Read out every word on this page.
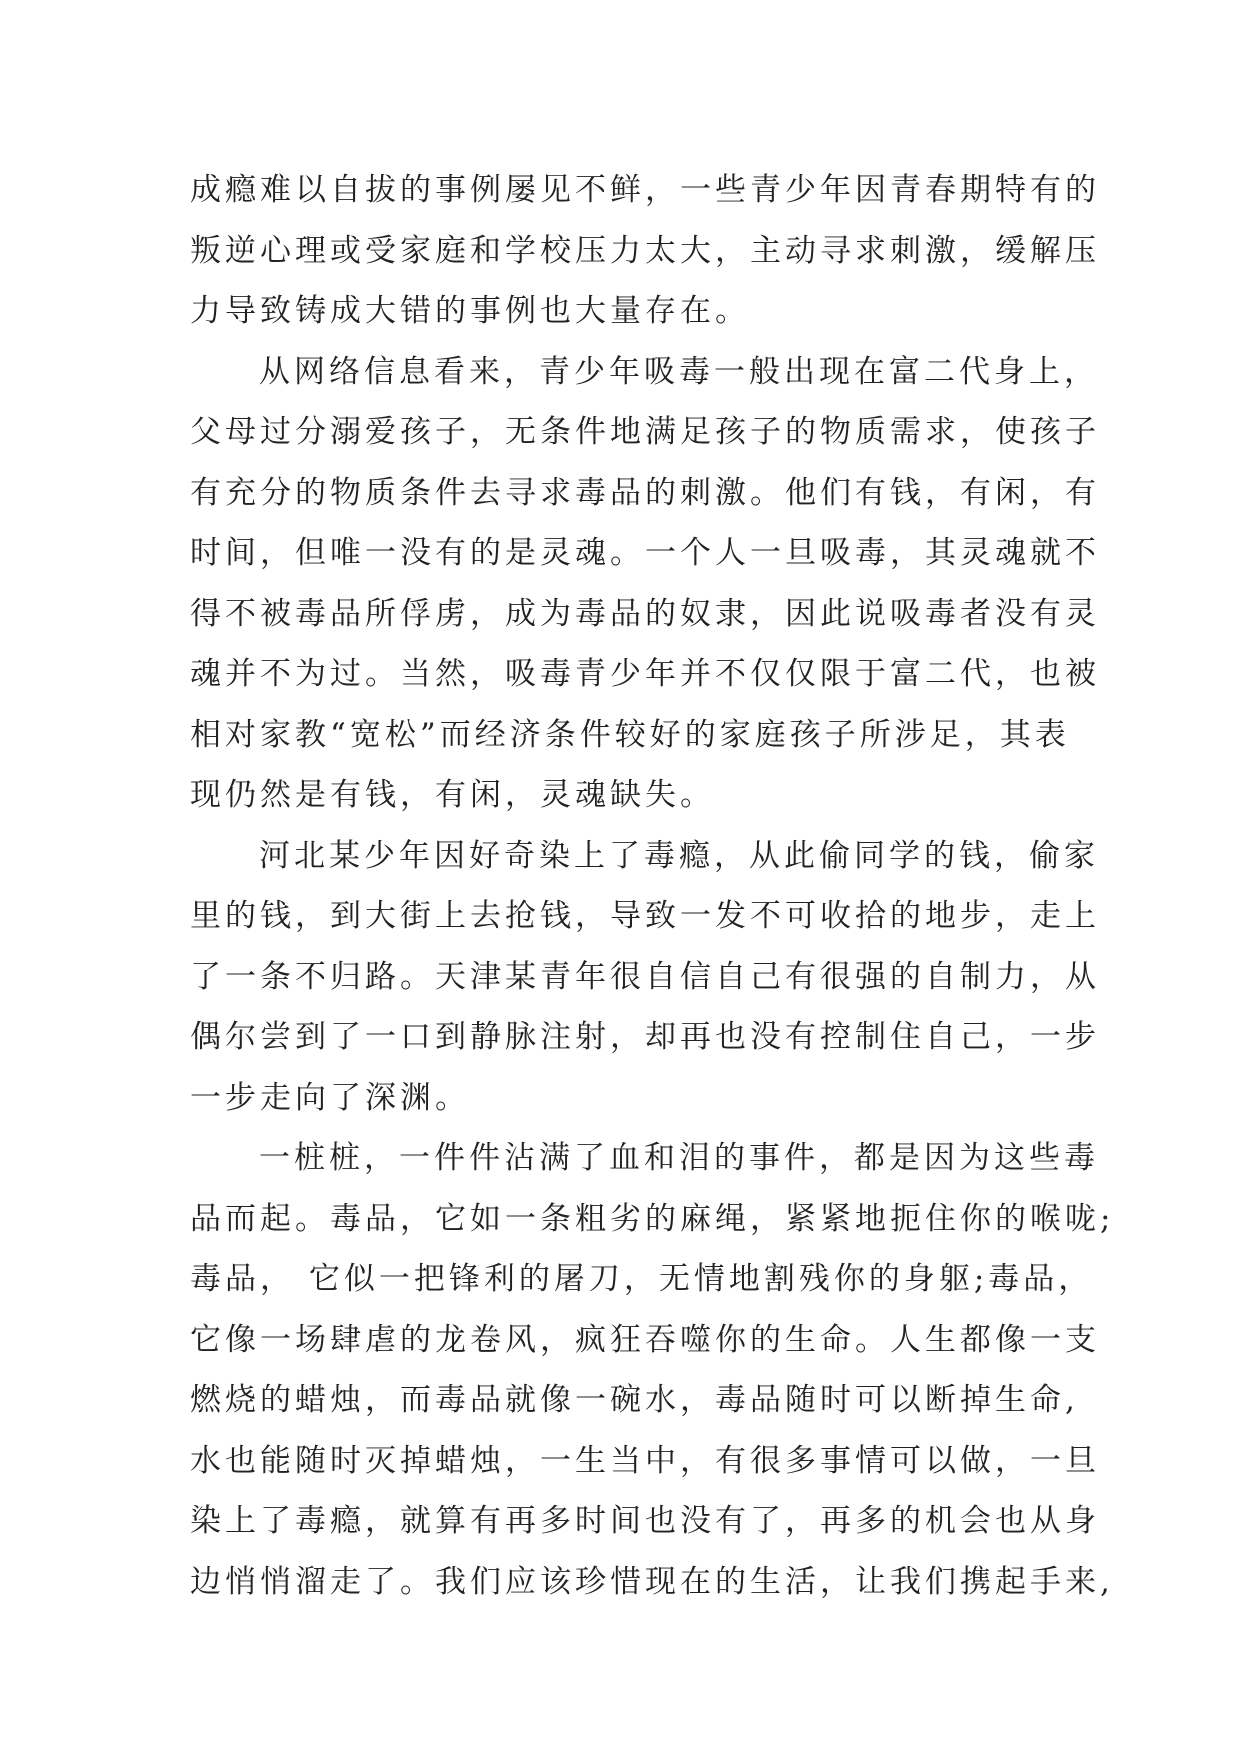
成瘾难以自拔的事例屡见不鲜，一些青少年因青春期特有的
叛逆心理或受家庭和学校压力太大，主动寻求刺激，缓解压
力导致铸成大错的事例也大量存在。
从网络信息看来，青少年吸毒一般出现在富二代身上，
父母过分溺爱孩子，无条件地满足孩子的物质需求，使孩子
有充分的物质条件去寻求毒品的刺激。他们有钱，有闲，有
时间，但唯一没有的是灵魂。一个人一旦吸毒，其灵魂就不
得不被毒品所俘虏，成为毒品的奴隶，因此说吸毒者没有灵
魂并不为过。当然，吸毒青少年并不仅仅限于富二代，也被
相对家教“宽松”而经济条件较好的家庭孩子所涉足，其表
现仍然是有钱，有闲，灵魂缺失。
河北某少年因好奇染上了毒瘾，从此偷同学的钱，偷家
里的钱，到大街上去抢钱，导致一发不可收拾的地步，走上
了一条不归路。天津某青年很自信自己有很强的自制力，从
偶尔尝到了一口到静脉注射，却再也没有控制住自己，一步
一步走向了深渊。
一桩桩，一件件沾满了血和泪的事件，都是因为这些毒
品而起。毒品，它如一条粗劣的麻绳，紧紧地扼住你的喉咙;
毒品， 它似一把锋利的屠刀，无情地割残你的身躯;毒品，
它像一场肆虐的龙卷风，疯狂吞噬你的生命。人生都像一支
燃烧的蜡烛，而毒品就像一碗水，毒品随时可以断掉生命,
水也能随时灭掉蜡烛，一生当中，有很多事情可以做，一旦
染上了毒瘾，就算有再多时间也没有了，再多的机会也从身
边悄悄溜走了。我们应该珍惜现在的生活，让我们携起手来,
